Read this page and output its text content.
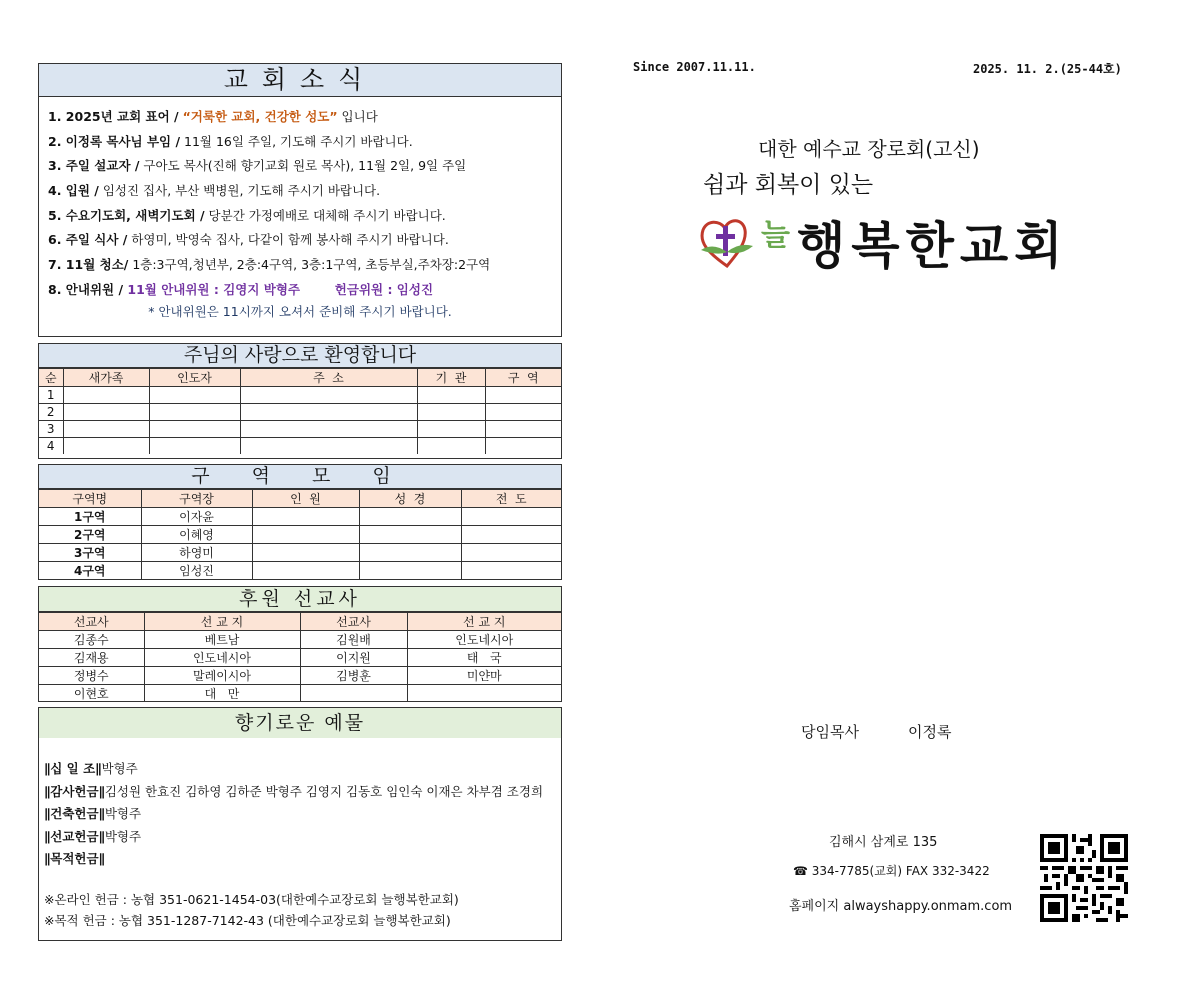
교회소식
1. 2025년 교회 표어 / “거룩한 교회, 건강한 성도” 입니다
2. 이정록 목사님 부임 / 11월 16일 주일, 기도해 주시기 바랍니다.
3. 주일 설교자 / 구아도 목사(진해 향기교회 원로 목사), 11월 2일, 9일 주일
4. 입원 / 임성진 집사, 부산 백병원, 기도해 주시기 바랍니다.
5. 수요기도회, 새벽기도회 / 당분간 가정예배로 대체해 주시기 바랍니다.
6. 주일 식사 / 하영미, 박영숙 집사, 다같이 함께 봉사해 주시기 바랍니다.
7. 11월 청소/ 1층:3구역,청년부, 2층:4구역, 3층:1구역, 초등부실,주차장:2구역
8. 안내위원 / 11월 안내위원 : 김영지 박형주        헌금위원 : 임성진
* 안내위원은 11시까지 오셔서 준비해 주시기 바랍니다.
주님의 사랑으로 환영합니다
순	새가족	인도자	주  소	기  관	구  역
1					
2					
3					
4					
구 역 모 임
구역명	구역장	인  원	성  경	전  도
1구역	이자윤			
2구역	이혜영			
3구역	하영미			
4구역	임성진			
후원 선교사
선교사	선 교 지	선교사	선 교 지
김종수	베트남	김원배	인도네시아
김재용	인도네시아	이지원	태   국
정병수	말레이시아	김병훈	미얀마
이현호	대   만		
향기로운 예물
∥십 일 조∥박형주
∥감사헌금∥김성원 한효진 김하영 김하준 박형주 김영지 김동호 임인숙 이재은 차부겸 조경희
∥건축헌금∥박형주
∥선교헌금∥박형주
∥목적헌금∥
※온라인 헌금 : 농협 351-0621-1454-03(대한예수교장로회 늘행복한교회)
※목적 헌금 : 농협 351-1287-7142-43 (대한예수교장로회 늘행복한교회)
Since 2007.11.11.	2025. 11. 2.(25-44호)
대한 예수교 장로회(고신)
쉼과 회복이 있는
늘 행복한교회
당임목사	이정록
김해시 삼계로 135
☎ 334-7785(교회) FAX 332-3422
홈페이지 alwayshappy.onmam.com
